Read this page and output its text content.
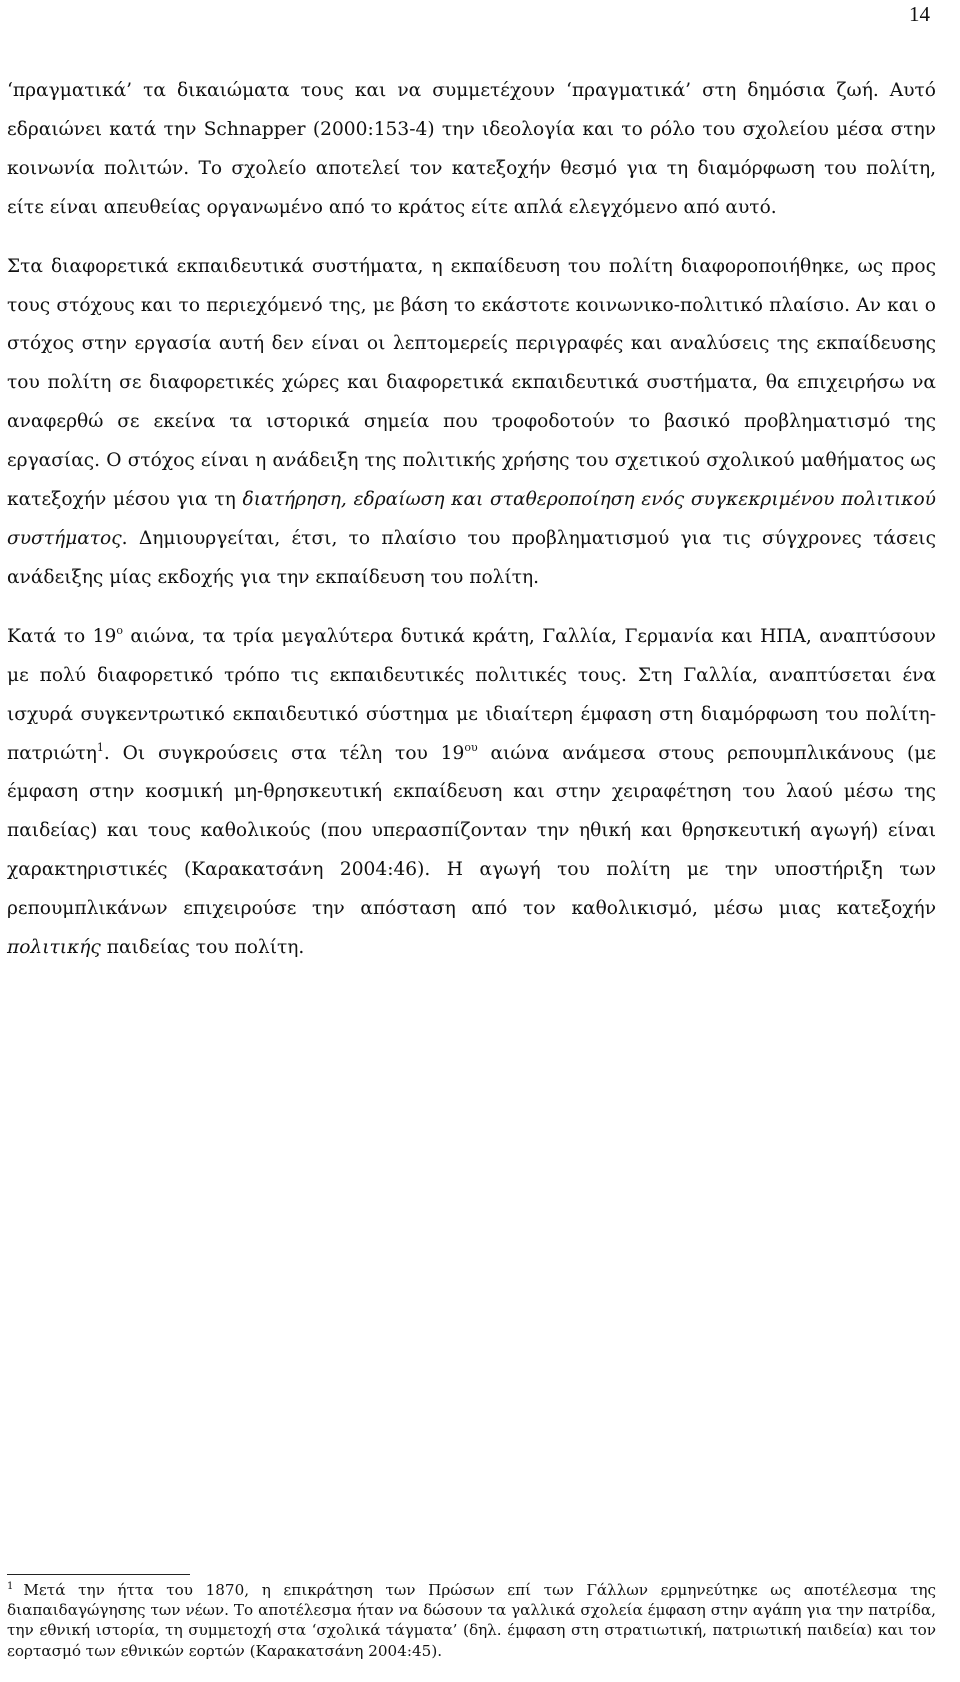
14

‘πραγματικά’ τα δικαιώματα τους και να συμμετέχουν ‘πραγματικά’ στη δημόσια ζωή. Αυτό εδραιώνει κατά την Schnapper (2000:153-4) την ιδεολογία και το ρόλο του σχολείου μέσα στην κοινωνία πολιτών. Το σχολείο αποτελεί τον κατεξοχήν θεσμό για τη διαμόρφωση του πολίτη, είτε είναι απευθείας οργανωμένο από το κράτος είτε απλά ελεγχόμενο από αυτό.

Στα διαφορετικά εκπαιδευτικά συστήματα, η εκπαίδευση του πολίτη διαφοροποιήθηκε, ως προς τους στόχους και το περιεχόμενό της, με βάση το εκάστοτε κοινωνικο-πολιτικό πλαίσιο. Αν και ο στόχος στην εργασία αυτή δεν είναι οι λεπτομερείς περιγραφές και αναλύσεις της εκπαίδευσης του πολίτη σε διαφορετικές χώρες και διαφορετικά εκπαιδευτικά συστήματα, θα επιχειρήσω να αναφερθώ σε εκείνα τα ιστορικά σημεία που τροφοδοτούν το βασικό προβληματισμό της εργασίας. Ο στόχος είναι η ανάδειξη της πολιτικής χρήσης του σχετικού σχολικού μαθήματος ως κατεξοχήν μέσου για τη διατήρηση, εδραίωση και σταθεροποίηση ενός συγκεκριμένου πολιτικού συστήματος. Δημιουργείται, έτσι, το πλαίσιο του προβληματισμού για τις σύγχρονες τάσεις ανάδειξης μίας εκδοχής για την εκπαίδευση του πολίτη.

Κατά το $19^o$ αιώνα, τα τρία μεγαλύτερα δυτικά κράτη, Γαλλία, Γερμανία και ΗΠΑ, αναπτύσουν με πολύ διαφορετικό τρόπο τις εκπαιδευτικές πολιτικές τους. Στη Γαλλία, αναπτύσεται ένα ισχυρά συγκεντρωτικό εκπαιδευτικό σύστημα με ιδιαίτερη έμφαση στη διαμόρφωση του πολίτη-πατριώτη$^1$. Οι συγκρούσεις στα τέλη του $19^{o\upsilon}$ αιώνα ανάμεσα στους ρεπουμπλικάνους (με έμφαση στην κοσμική μη-θρησκευτική εκπαίδευση και στην χειραφέτηση του λαού μέσω της παιδείας) και τους καθολικούς (που υπερασπίζονταν την ηθική και θρησκευτική αγωγή) είναι χαρακτηριστικές (Καρακατσάνη 2004:46). Η αγωγή του πολίτη με την υποστήριξη των ρεπουμπλικάνων επιχειρούσε την απόσταση από τον καθολικισμό, μέσω μιας κατεξοχήν πολιτικής παιδείας του πολίτη.

$^1$ Μετά την ήττα του 1870, η επικράτηση των Πρώσων επί των Γάλλων ερμηνεύτηκε ως αποτέλεσμα της διαπαιδαγώγησης των νέων. Το αποτέλεσμα ήταν να δώσουν τα γαλλικά σχολεία έμφαση στην αγάπη για την πατρίδα, την εθνική ιστορία, τη συμμετοχή στα ‘σχολικά τάγματα’ (δηλ. έμφαση στη στρατιωτική, πατριωτική παιδεία) και τον εορτασμό των εθνικών εορτών (Καρακατσάνη 2004:45).
